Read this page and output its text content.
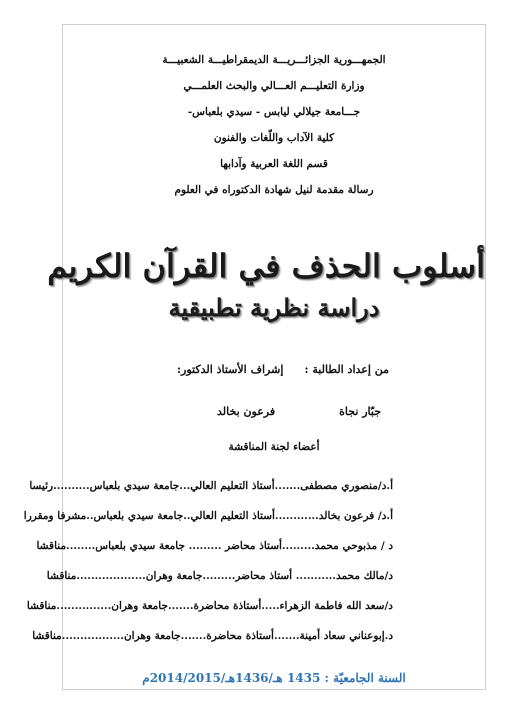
الجمهـــورية الجزائـــريـــة الديمقراطيـــة الشعبيـــة
وزارة التعليـــم العـــالي والبحث العلمـــي
جـــامعة جيلالي ليابس - سيدي بلعباس-
كلية الآداب واللّغات والفنون
قسم اللغة العربية وآدابها
رسالة مقدمة لنيل شهادة الدكتوراه في العلوم
أسلوب الحذف في القرآن الكريم
دراسة نظرية تطبيقية
من إعداد الطالبة :
إشراف الأستاذ الدكتور:
جبّار نجاة
فرعون بخالد
أعضاء لجنة المناقشة
أ.د/منصوري مصطفى.......أستاذ التعليم العالي...جامعة سيدي بلعباس..........رئيسا
أ.د/ فرعون بخالد............أستاذ التعليم العالي..جامعة سيدي بلعباس..مشرفا ومقررا
د / مذبوحي محمد.........أستاذ محاضر ......... جامعة سيدي بلعباس........مناقشا
د/مالك محمد........... أستاذ محاضر.........جامعة وهران...................مناقشا
د/سعد الله فاطمة الزهراء.....أستاذة محاضرة.......جامعة وهران...............مناقشا
د.إبوعناني سعاد أمينة.......أستاذة محاضرة.......جامعة وهران.................مناقشا
السنة الجامعيّة : 1435 هـ/1436هـ/2014/2015م
